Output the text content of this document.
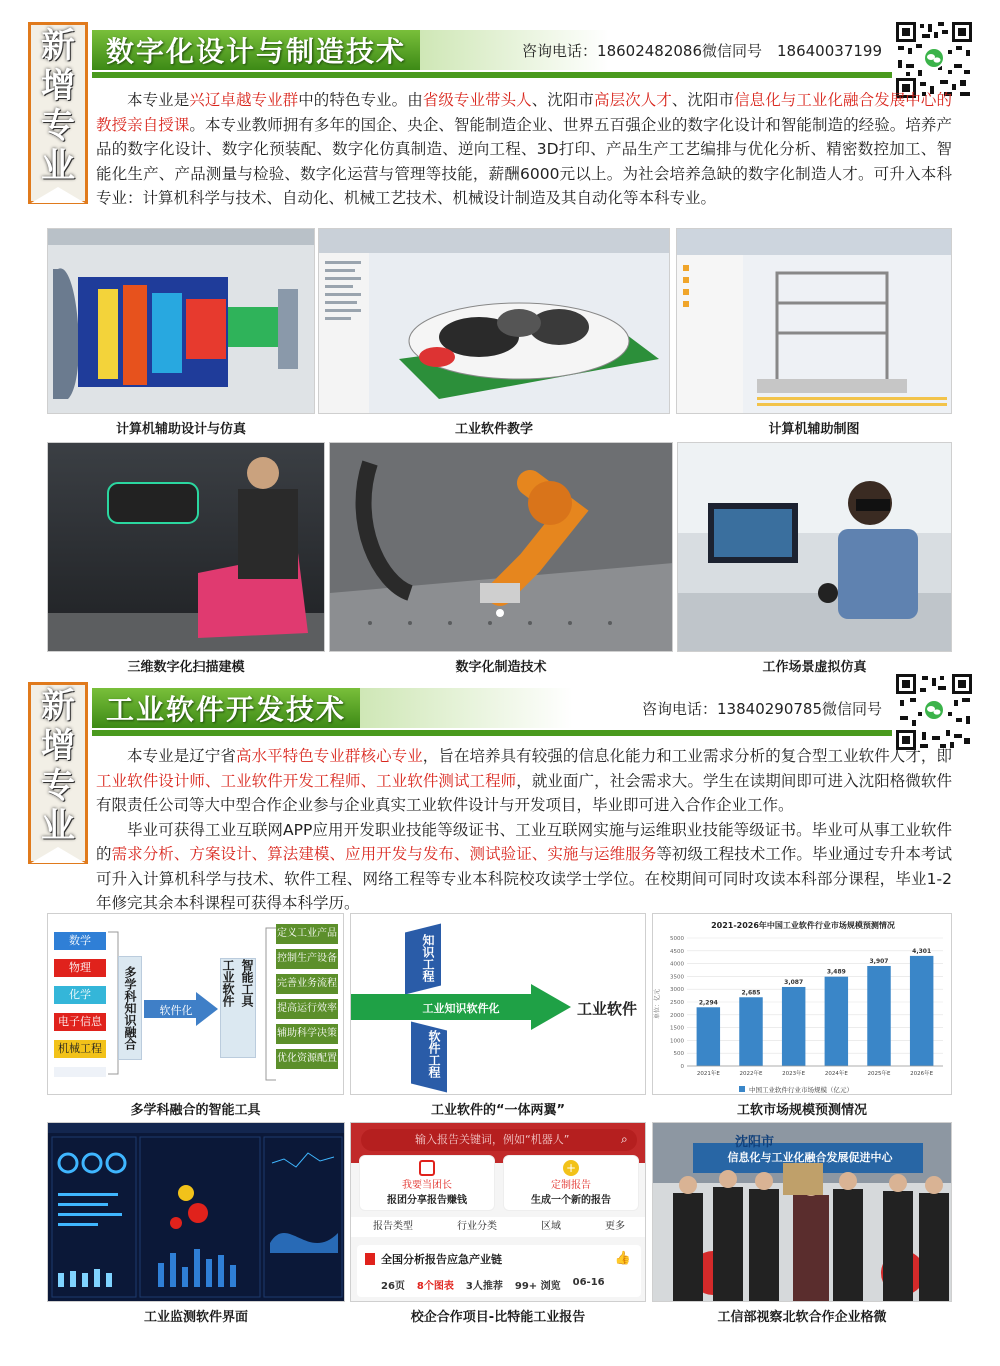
新
增
专
业
数字化设计与制造技术	咨询电话：18602482086微信同号　18640037199

本专业是兴辽卓越专业群中的特色专业。由省级专业带头人、沈阳市高层次人才、沈阳市信息化与工业化融合发展中心的教授亲自授课。本专业教师拥有多年的国企、央企、智能制造企业、世界五百强企业的数字化设计和智能制造的经验。培养产品的数字化设计、数字化预装配、数字化仿真制造、逆向工程、3D打印、产品生产工艺编排与优化分析、精密数控加工、智能化生产、产品测量与检验、数字化运营与管理等技能，薪酬6000元以上。为社会培养急缺的数字化制造人才。可升入本科专业：计算机科学与技术、自动化、机械工艺技术、机械设计制造及其自动化等本科专业。

计算机辅助设计与仿真	工业软件教学	计算机辅助制图
三维数字化扫描建模	数字化制造技术	工作场景虚拟仿真
新
增
专
业
工业软件开发技术	咨询电话：13840290785微信同号

本专业是辽宁省高水平特色专业群核心专业，旨在培养具有较强的信息化能力和工业需求分析的复合型工业软件人才，即工业软件设计师、工业软件开发工程师、工业软件测试工程师，就业面广，社会需求大。学生在读期间即可进入沈阳格微软件有限责任公司等大中型合作企业参与企业真实工业软件设计与开发项目，毕业即可进入合作企业工作。

毕业可获得工业互联网APP应用开发职业技能等级证书、工业互联网实施与运维职业技能等级证书。毕业可从事工业软件的需求分析、方案设计、算法建模、应用开发与发布、测试验证、实施与运维服务等初级工程技术工作。毕业通过专升本考试可升入计算机科学与技术、软件工程、网络工程等专业本科院校攻读学士学位。在校期间可同时攻读本科部分课程，毕业1-2年修完其余本科课程可获得本科学历。

数学
物理
化学
电子信息
机械工程	多学科知识融合	软件化
工业软件 智能工具
定义工业产品
控制生产设备
完善业务流程
提高运行效率
辅助科学决策
优化资源配置
知识工程
工业知识软件化
软件工程
工业软件
2021-2026年中国工业软件行业市场规模预测情况
单位：亿元
0
500
1000
1500
2000
2500
3000
3500
4000
4500
5000
2,294
2021年E
2,685
2022年E
3,087
2023年E
3,489
2024年E
3,907
2025年E
4,301
2026年E
中国工业软件行业市场规模（亿元）
多学科融合的智能工具	工业软件的“一体两翼”	工软市场规模预测情况
输入报告关键词，例如“机器人”	⌕
我要当团长
报团分享报告赚钱
+
定制报告
生成一个新的报告
报告类型	行业分类	区域	更多
全国分析报告应急产业链	👍
26页 8个图表 3人推荐 99+ 浏览 06-16
沈阳市
信息化与工业化融合发展促进中心
工业监测软件界面	校企合作项目-比特能工业报告	工信部视察北软合作企业格微
